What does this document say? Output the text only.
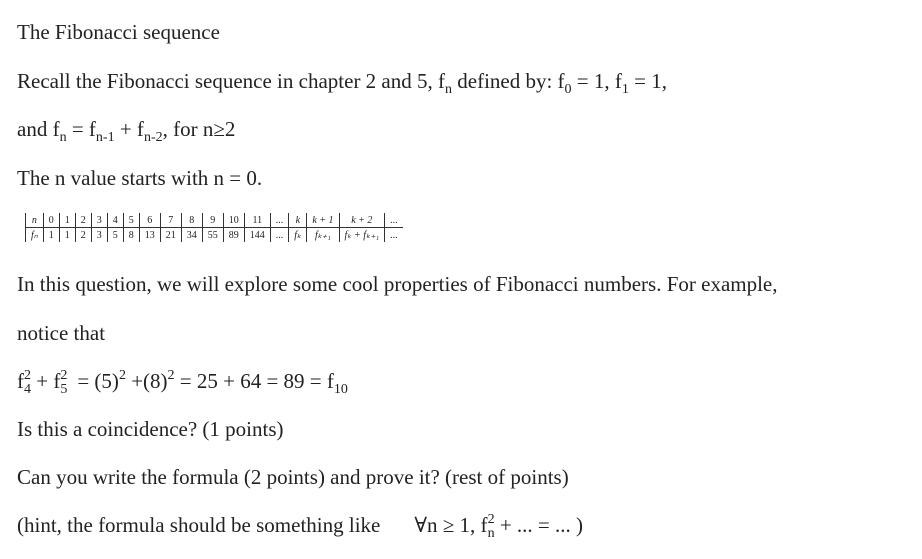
The Fibonacci sequence
Recall the Fibonacci sequence in chapter 2 and 5, $f_n$ defined by: $f_0 = 1$, $f_1 = 1$,
and $f_n = f_{n-1} + f_{n-2}$, for n≥2
The n value starts with n = 0.
n	0	1	2	3	4	5	6	7	8	9	10	11	...	k	k + 1	k + 2	...
fₙ	1	1	2	3	5	8	13	21	34	55	89	144	...	fₖ	fₖ₊₁	fₖ + fₖ₊₁	...
In this question, we will explore some cool properties of Fibonacci numbers. For example,
notice that
$f_4^2 + f_5^2 = (5)^2 +(8)^2 = 25 + 64 = 89 = f_{10}$
Is this a coincidence? (1 points)
Can you write the formula (2 points) and prove it? (rest of points)
(hint, the formula should be something like ∀n ≥ 1, $f_n^2$ + ... = ... )
